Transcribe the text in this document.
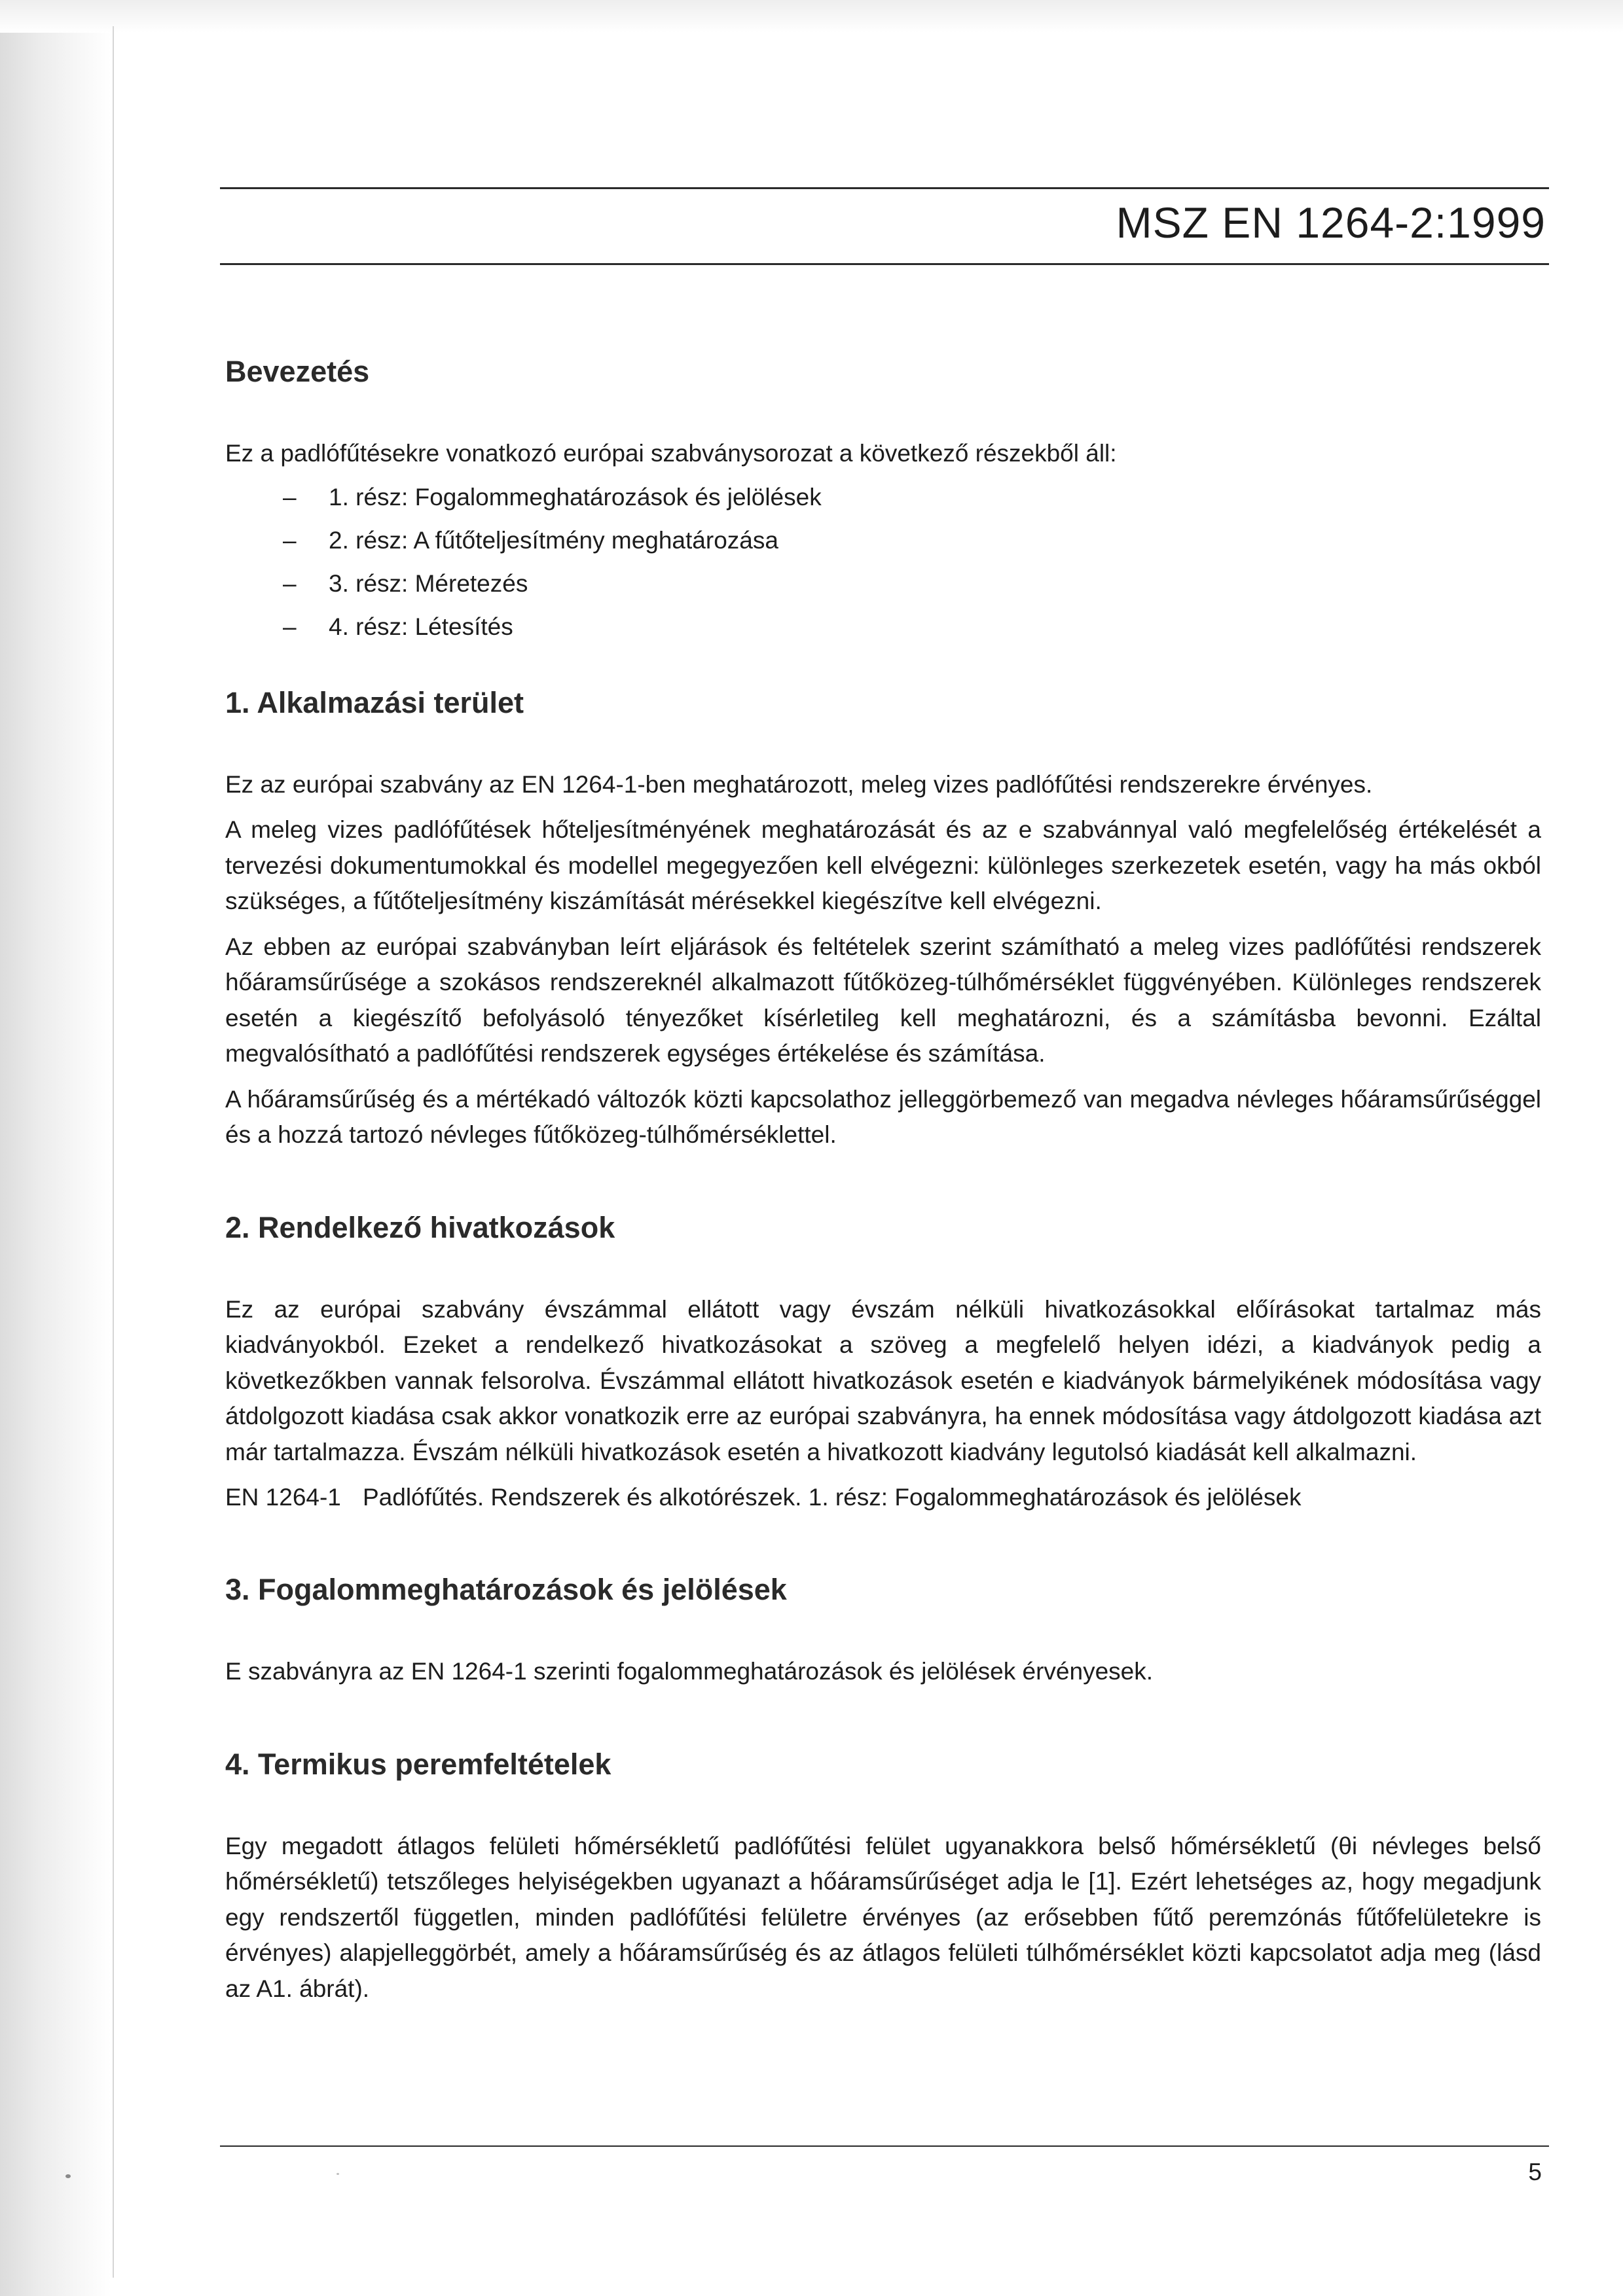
MSZ EN 1264-2:1999
Bevezetés

Ez a padlófűtésekre vonatkozó európai szabványsorozat a következő részekből áll:

– 1. rész: Fogalommeghatározások és jelölések
– 2. rész: A fűtőteljesítmény meghatározása
– 3. rész: Méretezés
– 4. rész: Létesítés
1. Alkalmazási terület

Ez az európai szabvány az EN 1264-1-ben meghatározott, meleg vizes padlófűtési rendszerekre érvényes.

A meleg vizes padlófűtések hőteljesítményének meghatározását és az e szabvánnyal való megfelelőség értékelését a tervezési dokumentumokkal és modellel megegyezően kell elvégezni: különleges szerkezetek esetén, vagy ha más okból szükséges, a fűtőteljesítmény kiszámítását mérésekkel kiegészítve kell elvégezni.

Az ebben az európai szabványban leírt eljárások és feltételek szerint számítható a meleg vizes padlófűtési rendszerek hőáramsűrűsége a szokásos rendszereknél alkalmazott fűtőközeg-túlhőmérséklet függvényében. Különleges rendszerek esetén a kiegészítő befolyásoló tényezőket kísérletileg kell meghatározni, és a számításba bevonni. Ezáltal megvalósítható a padlófűtési rendszerek egységes értékelése és számítása.

A hőáramsűrűség és a mértékadó változók közti kapcsolathoz jelleggörbemező van megadva névleges hőáramsűrűséggel és a hozzá tartozó névleges fűtőközeg-túlhőmérséklettel.

2. Rendelkező hivatkozások

Ez az európai szabvány évszámmal ellátott vagy évszám nélküli hivatkozásokkal előírásokat tartalmaz más kiadványokból. Ezeket a rendelkező hivatkozásokat a szöveg a megfelelő helyen idézi, a kiadványok pedig a következőkben vannak felsorolva. Évszámmal ellátott hivatkozások esetén e kiadványok bármelyikének módosítása vagy átdolgozott kiadása csak akkor vonatkozik erre az európai szabványra, ha ennek módosítása vagy átdolgozott kiadása azt már tartalmazza. Évszám nélküli hivatkozások esetén a hivatkozott kiadvány legutolsó kiadását kell alkalmazni.

EN 1264-1 Padlófűtés. Rendszerek és alkotórészek. 1. rész: Fogalommeghatározások és jelölések
3. Fogalommeghatározások és jelölések

E szabványra az EN 1264-1 szerinti fogalommeghatározások és jelölések érvényesek.

4. Termikus peremfeltételek

Egy megadott átlagos felületi hőmérsékletű padlófűtési felület ugyanakkora belső hőmérsékletű (θi névleges belső hőmérsékletű) tetszőleges helyiségekben ugyanazt a hőáramsűrűséget adja le [1]. Ezért lehetséges az, hogy megadjunk egy rendszertől független, minden padlófűtési felületre érvényes (az erősebben fűtő peremzónás fűtőfelületekre is érvényes) alapjelleggörbét, amely a hőáramsűrűség és az átlagos felületi túlhőmérséklet közti kapcsolatot adja meg (lásd az A1. ábrát).

5
